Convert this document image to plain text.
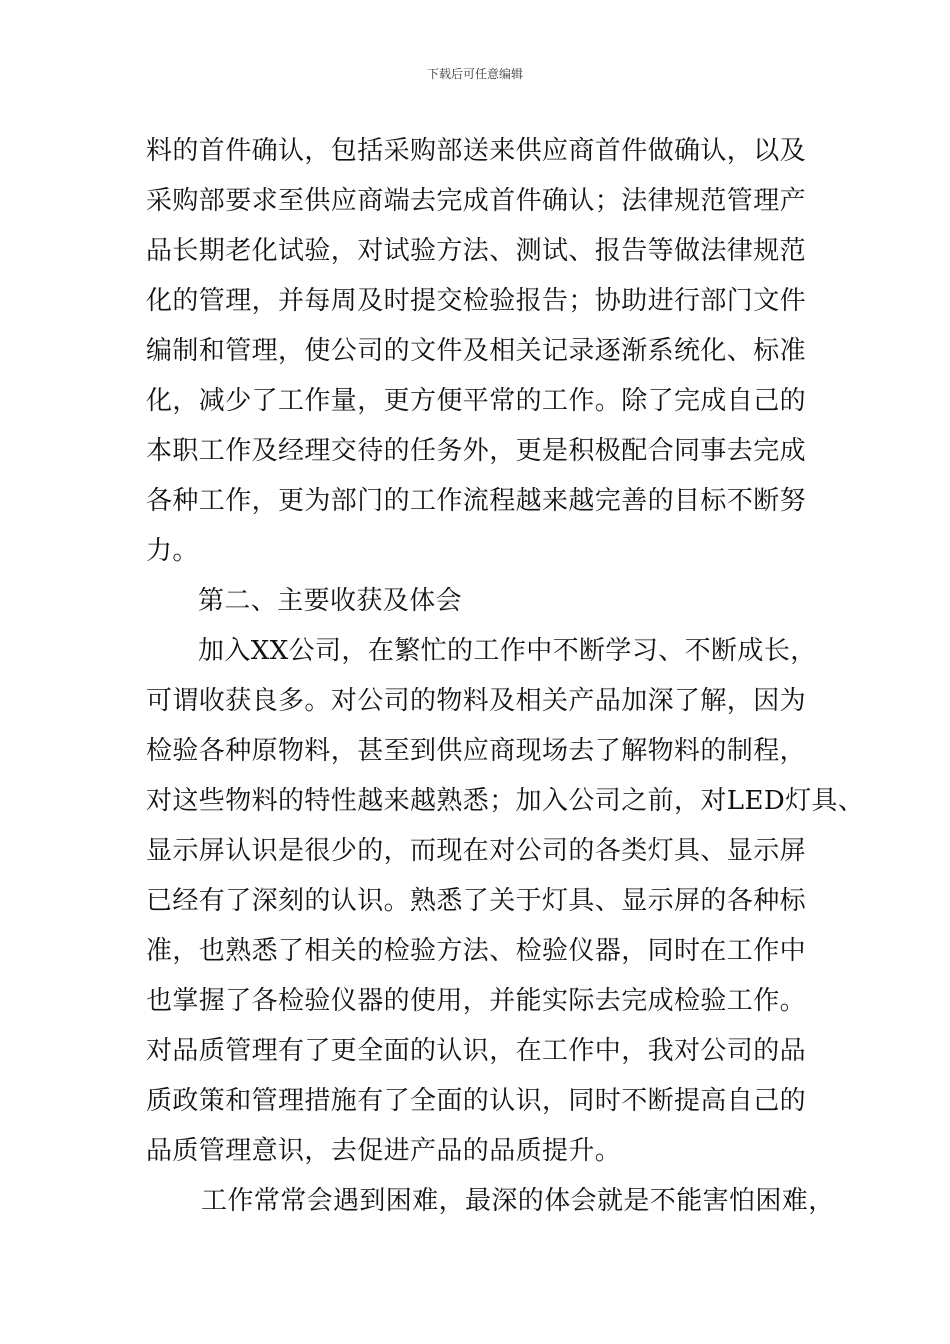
下载后可任意编辑
料的首件确认，包括采购部送来供应商首件做确认，以及
采购部要求至供应商端去完成首件确认；法律规范管理产
品长期老化试验，对试验方法、测试、报告等做法律规范
化的管理，并每周及时提交检验报告；协助进行部门文件
编制和管理，使公司的文件及相关记录逐渐系统化、标准
化，减少了工作量，更方便平常的工作。除了完成自己的
本职工作及经理交待的任务外，更是积极配合同事去完成
各种工作，更为部门的工作流程越来越完善的目标不断努
力。
第二、主要收获及体会
加入XX公司，在繁忙的工作中不断学习、不断成长，
可谓收获良多。对公司的物料及相关产品加深了解，因为
检验各种原物料，甚至到供应商现场去了解物料的制程，
对这些物料的特性越来越熟悉；加入公司之前，对LED灯具、
显示屏认识是很少的，而现在对公司的各类灯具、显示屏
已经有了深刻的认识。熟悉了关于灯具、显示屏的各种标
准，也熟悉了相关的检验方法、检验仪器，同时在工作中
也掌握了各检验仪器的使用，并能实际去完成检验工作。
对品质管理有了更全面的认识，在工作中，我对公司的品
质政策和管理措施有了全面的认识，同时不断提高自己的
品质管理意识，去促进产品的品质提升。
工作常常会遇到困难，最深的体会就是不能害怕困难，
